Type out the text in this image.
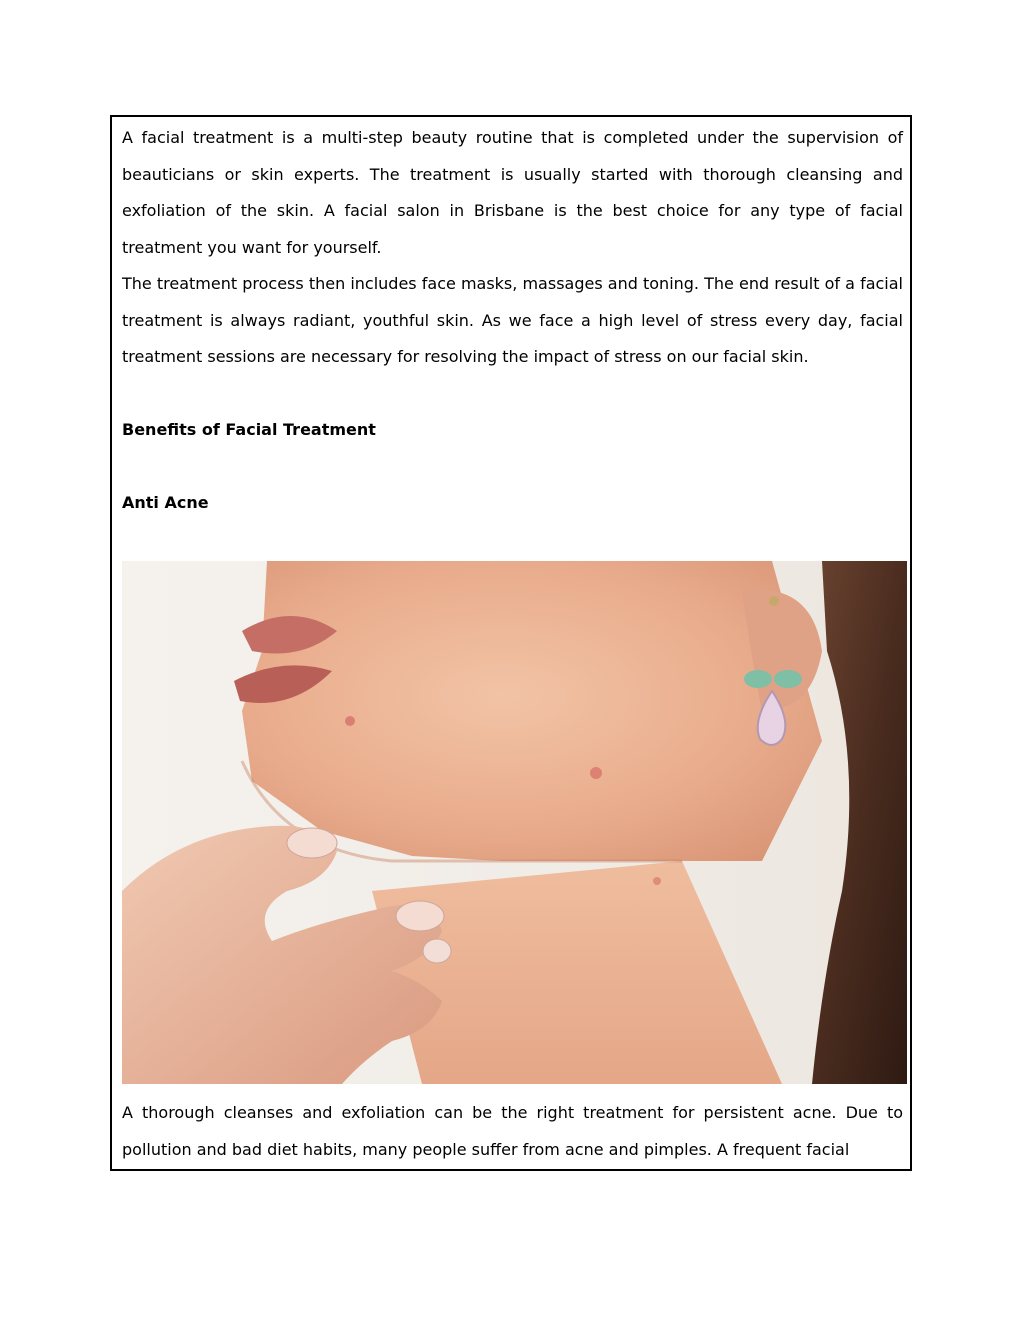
A facial treatment is a multi-step beauty routine that is completed under the supervision of beauticians or skin experts. The treatment is usually started with thorough cleansing and exfoliation of the skin. A facial salon in Brisbane is the best choice for any type of facial treatment you want for yourself.

The treatment process then includes face masks, massages and toning. The end result of a facial treatment is always radiant, youthful skin. As we face a high level of stress every day, facial treatment sessions are necessary for resolving the impact of stress on our facial skin.

Benefits of Facial Treatment

Anti Acne

A thorough cleanses and exfoliation can be the right treatment for persistent acne. Due to pollution and bad diet habits, many people suffer from acne and pimples. A frequent facial
